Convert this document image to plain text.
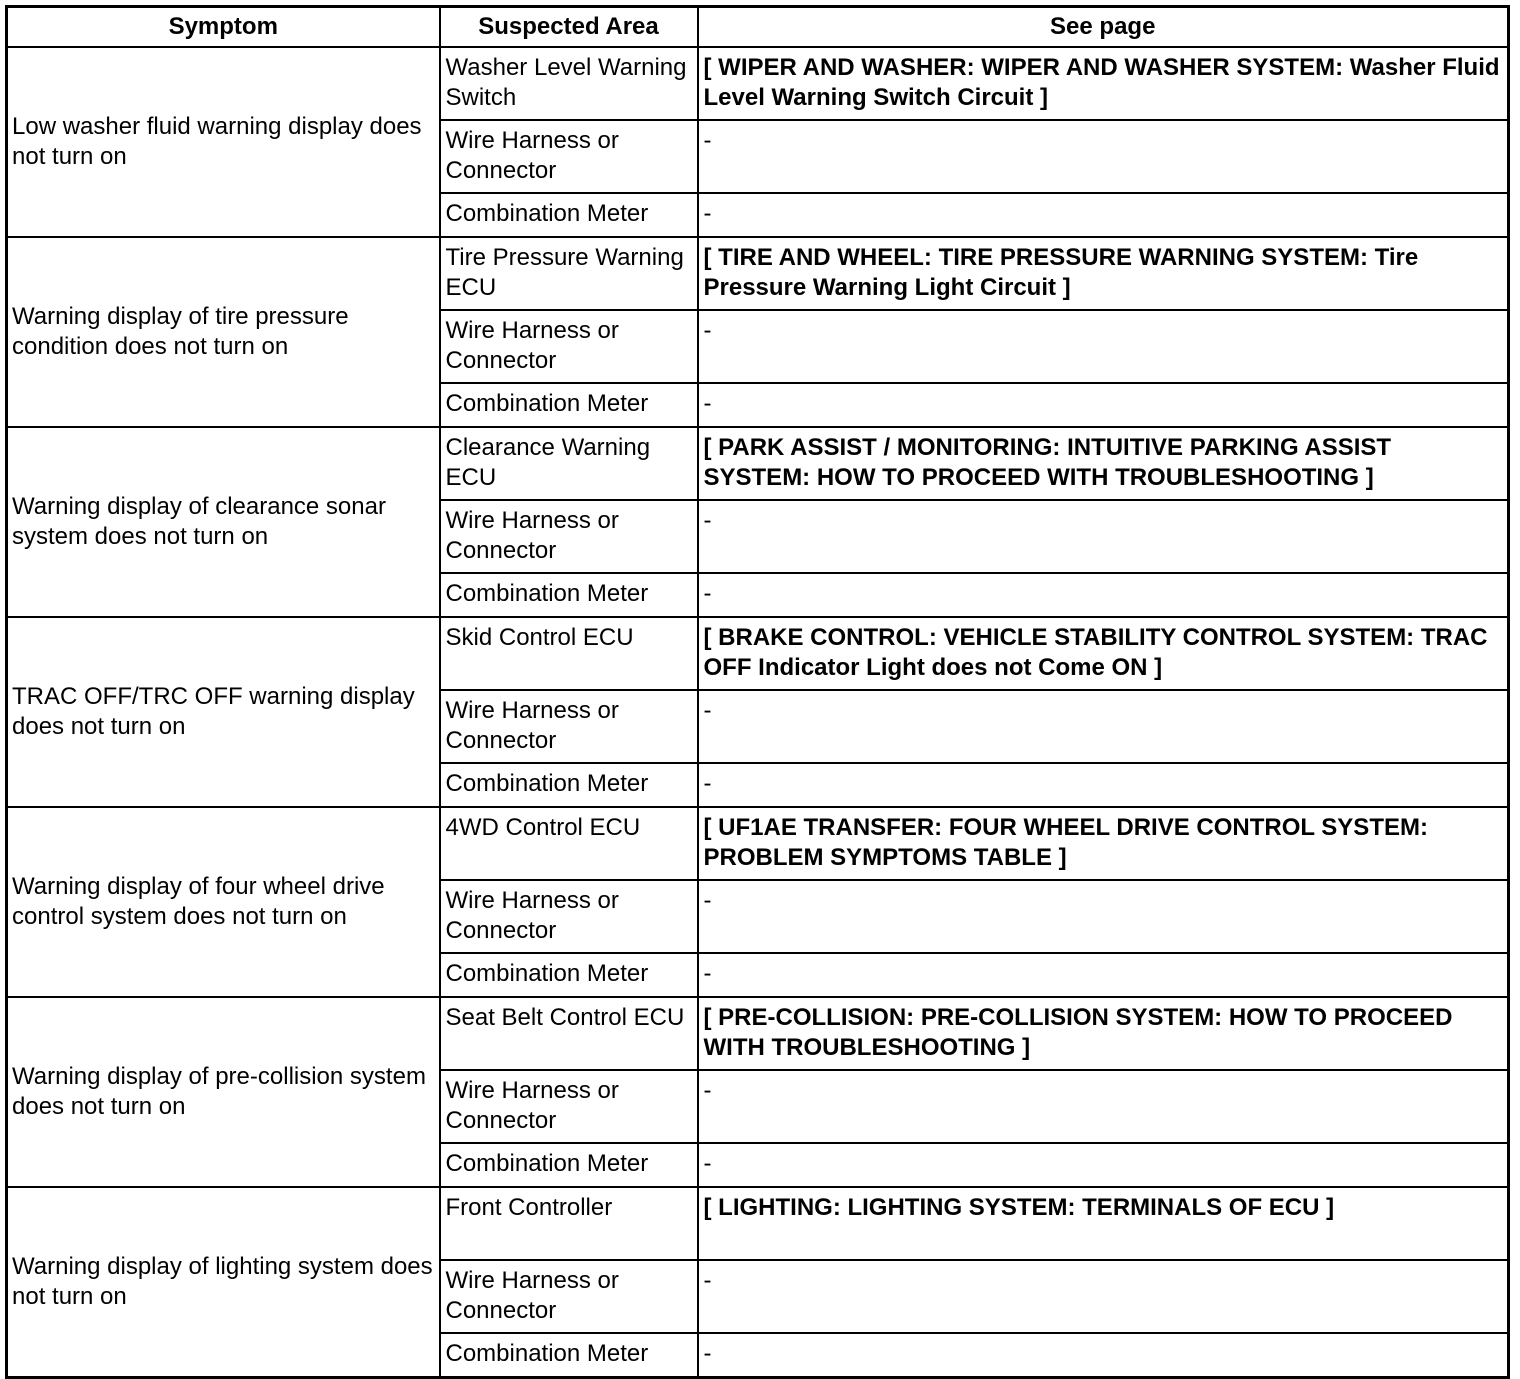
Symptom	Suspected Area	See page
Low washer fluid warning display does not turn on	Washer Level Warning Switch	[ WIPER AND WASHER: WIPER AND WASHER SYSTEM: Washer Fluid Level Warning Switch Circuit ]
	Wire Harness or Connector	-
	Combination Meter	-
Warning display of tire pressure condition does not turn on	Tire Pressure Warning ECU	[ TIRE AND WHEEL: TIRE PRESSURE WARNING SYSTEM: Tire Pressure Warning Light Circuit ]
	Wire Harness or Connector	-
	Combination Meter	-
Warning display of clearance sonar system does not turn on	Clearance Warning ECU	[ PARK ASSIST / MONITORING: INTUITIVE PARKING ASSIST SYSTEM: HOW TO PROCEED WITH TROUBLESHOOTING ]
	Wire Harness or Connector	-
	Combination Meter	-
TRAC OFF/TRC OFF warning display does not turn on	Skid Control ECU	[ BRAKE CONTROL: VEHICLE STABILITY CONTROL SYSTEM: TRAC OFF Indicator Light does not Come ON ]
	Wire Harness or Connector	-
	Combination Meter	-
Warning display of four wheel drive control system does not turn on	4WD Control ECU	[ UF1AE TRANSFER: FOUR WHEEL DRIVE CONTROL SYSTEM: PROBLEM SYMPTOMS TABLE ]
	Wire Harness or Connector	-
	Combination Meter	-
Warning display of pre-collision system does not turn on	Seat Belt Control ECU	[ PRE-COLLISION: PRE-COLLISION SYSTEM: HOW TO PROCEED WITH TROUBLESHOOTING ]
	Wire Harness or Connector	-
	Combination Meter	-
Warning display of lighting system does not turn on	Front Controller	[ LIGHTING: LIGHTING SYSTEM: TERMINALS OF ECU ]
	Wire Harness or Connector	-
	Combination Meter	-
